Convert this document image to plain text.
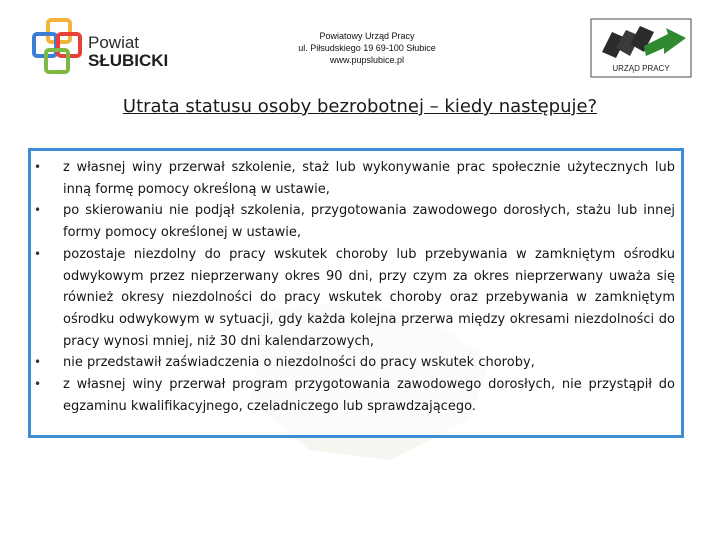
Powiat
SŁUBICKI
Powiatowy Urząd Pracy
ul. Piłsudskiego 19 69-100 Słubice
www.pupslubice.pl
URZĄD PRACY
Utrata statusu osoby bezrobotnej – kiedy następuje?
• z własnej winy przerwał szkolenie, staż lub wykonywanie prac społecznie użytecznych lub inną formę pomocy określoną w ustawie,
• po skierowaniu nie podjął szkolenia, przygotowania zawodowego dorosłych, stażu lub innej formy pomocy określonej w ustawie,
• pozostaje niezdolny do pracy wskutek choroby lub przebywania w zamkniętym ośrodku odwykowym przez nieprzerwany okres 90 dni, przy czym za okres nieprzerwany uważa się również okresy niezdolności do pracy wskutek choroby oraz przebywania w zamkniętym ośrodku odwykowym w sytuacji, gdy każda kolejna przerwa między okresami niezdolności do pracy wynosi mniej, niż 30 dni kalendarzowych,
• nie przedstawił zaświadczenia o niezdolności do pracy wskutek choroby,
• z własnej winy przerwał program przygotowania zawodowego dorosłych, nie przystąpił do egzaminu kwalifikacyjnego, czeladniczego lub sprawdzającego.
